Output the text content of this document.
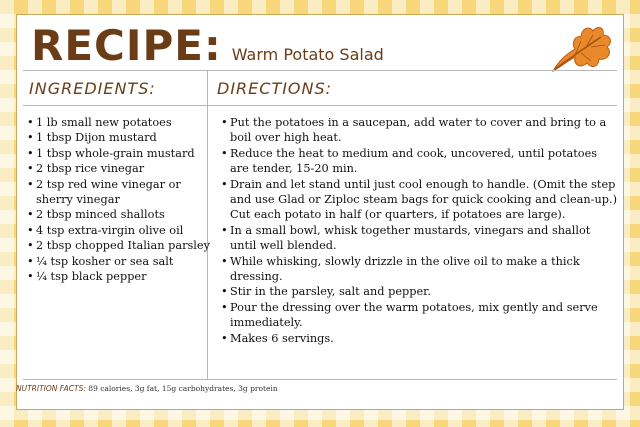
RECIPE: Warm Potato Salad
INGREDIENTS:	DIRECTIONS:
• 1 lb small new potatoes
• 1 tbsp Dijon mustard
• 1 tbsp whole-grain mustard
• 2 tbsp rice vinegar
• 2 tsp red wine vinegar or sherry vinegar
• 2 tbsp minced shallots
• 4 tsp extra-virgin olive oil
• 2 tbsp chopped Italian parsley
• ¼ tsp kosher or sea salt
• ¼ tsp black pepper
• Put the potatoes in a saucepan, add water to cover and bring to a boil over high heat.
• Reduce the heat to medium and cook, uncovered, until potatoes are tender, 15-20 min.
• Drain and let stand until just cool enough to handle. (Omit the step and use Glad or Ziploc steam bags for quick cooking and clean-up.) Cut each potato in half (or quarters, if potatoes are large).
• In a small bowl, whisk together mustards, vinegars and shallot until well blended.
• While whisking, slowly drizzle in the olive oil to make a thick dressing.
• Stir in the parsley, salt and pepper.
• Pour the dressing over the warm potatoes, mix gently and serve immediately.
• Makes 6 servings.
NUTRITION FACTS: 89 calories, 3g fat, 15g carbohydrates, 3g protein
